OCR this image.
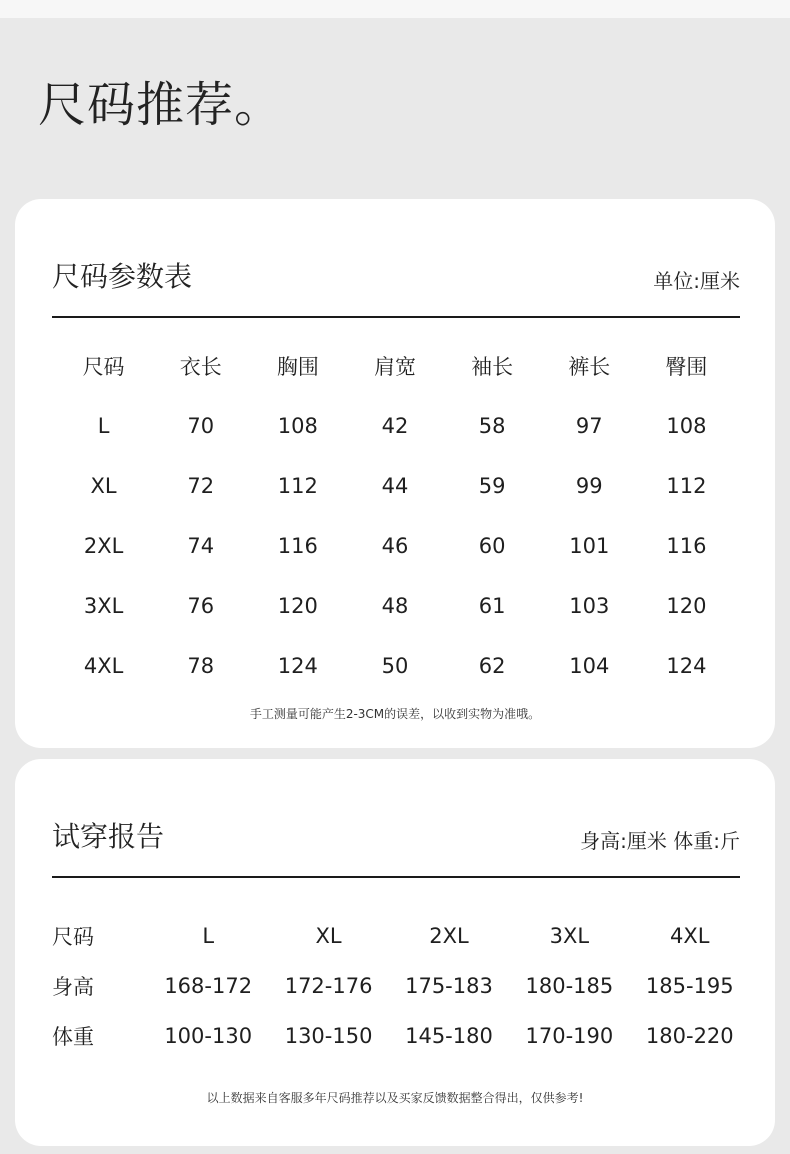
尺码推荐。
尺码参数表	单位:厘米
尺码	衣长	胸围	肩宽	袖长	裤长	臀围
L	70	108	42	58	97	108
XL	72	112	44	59	99	112
2XL	74	116	46	60	101	116
3XL	76	120	48	61	103	120
4XL	78	124	50	62	104	124
手工测量可能产生2-3CM的误差，以收到实物为准哦。
试穿报告	身高:厘米 体重:斤
尺码	L	XL	2XL	3XL	4XL
身高	168-172	172-176	175-183	180-185	185-195
体重	100-130	130-150	145-180	170-190	180-220
以上数据来自客服多年尺码推荐以及买家反馈数据整合得出，仅供参考!
